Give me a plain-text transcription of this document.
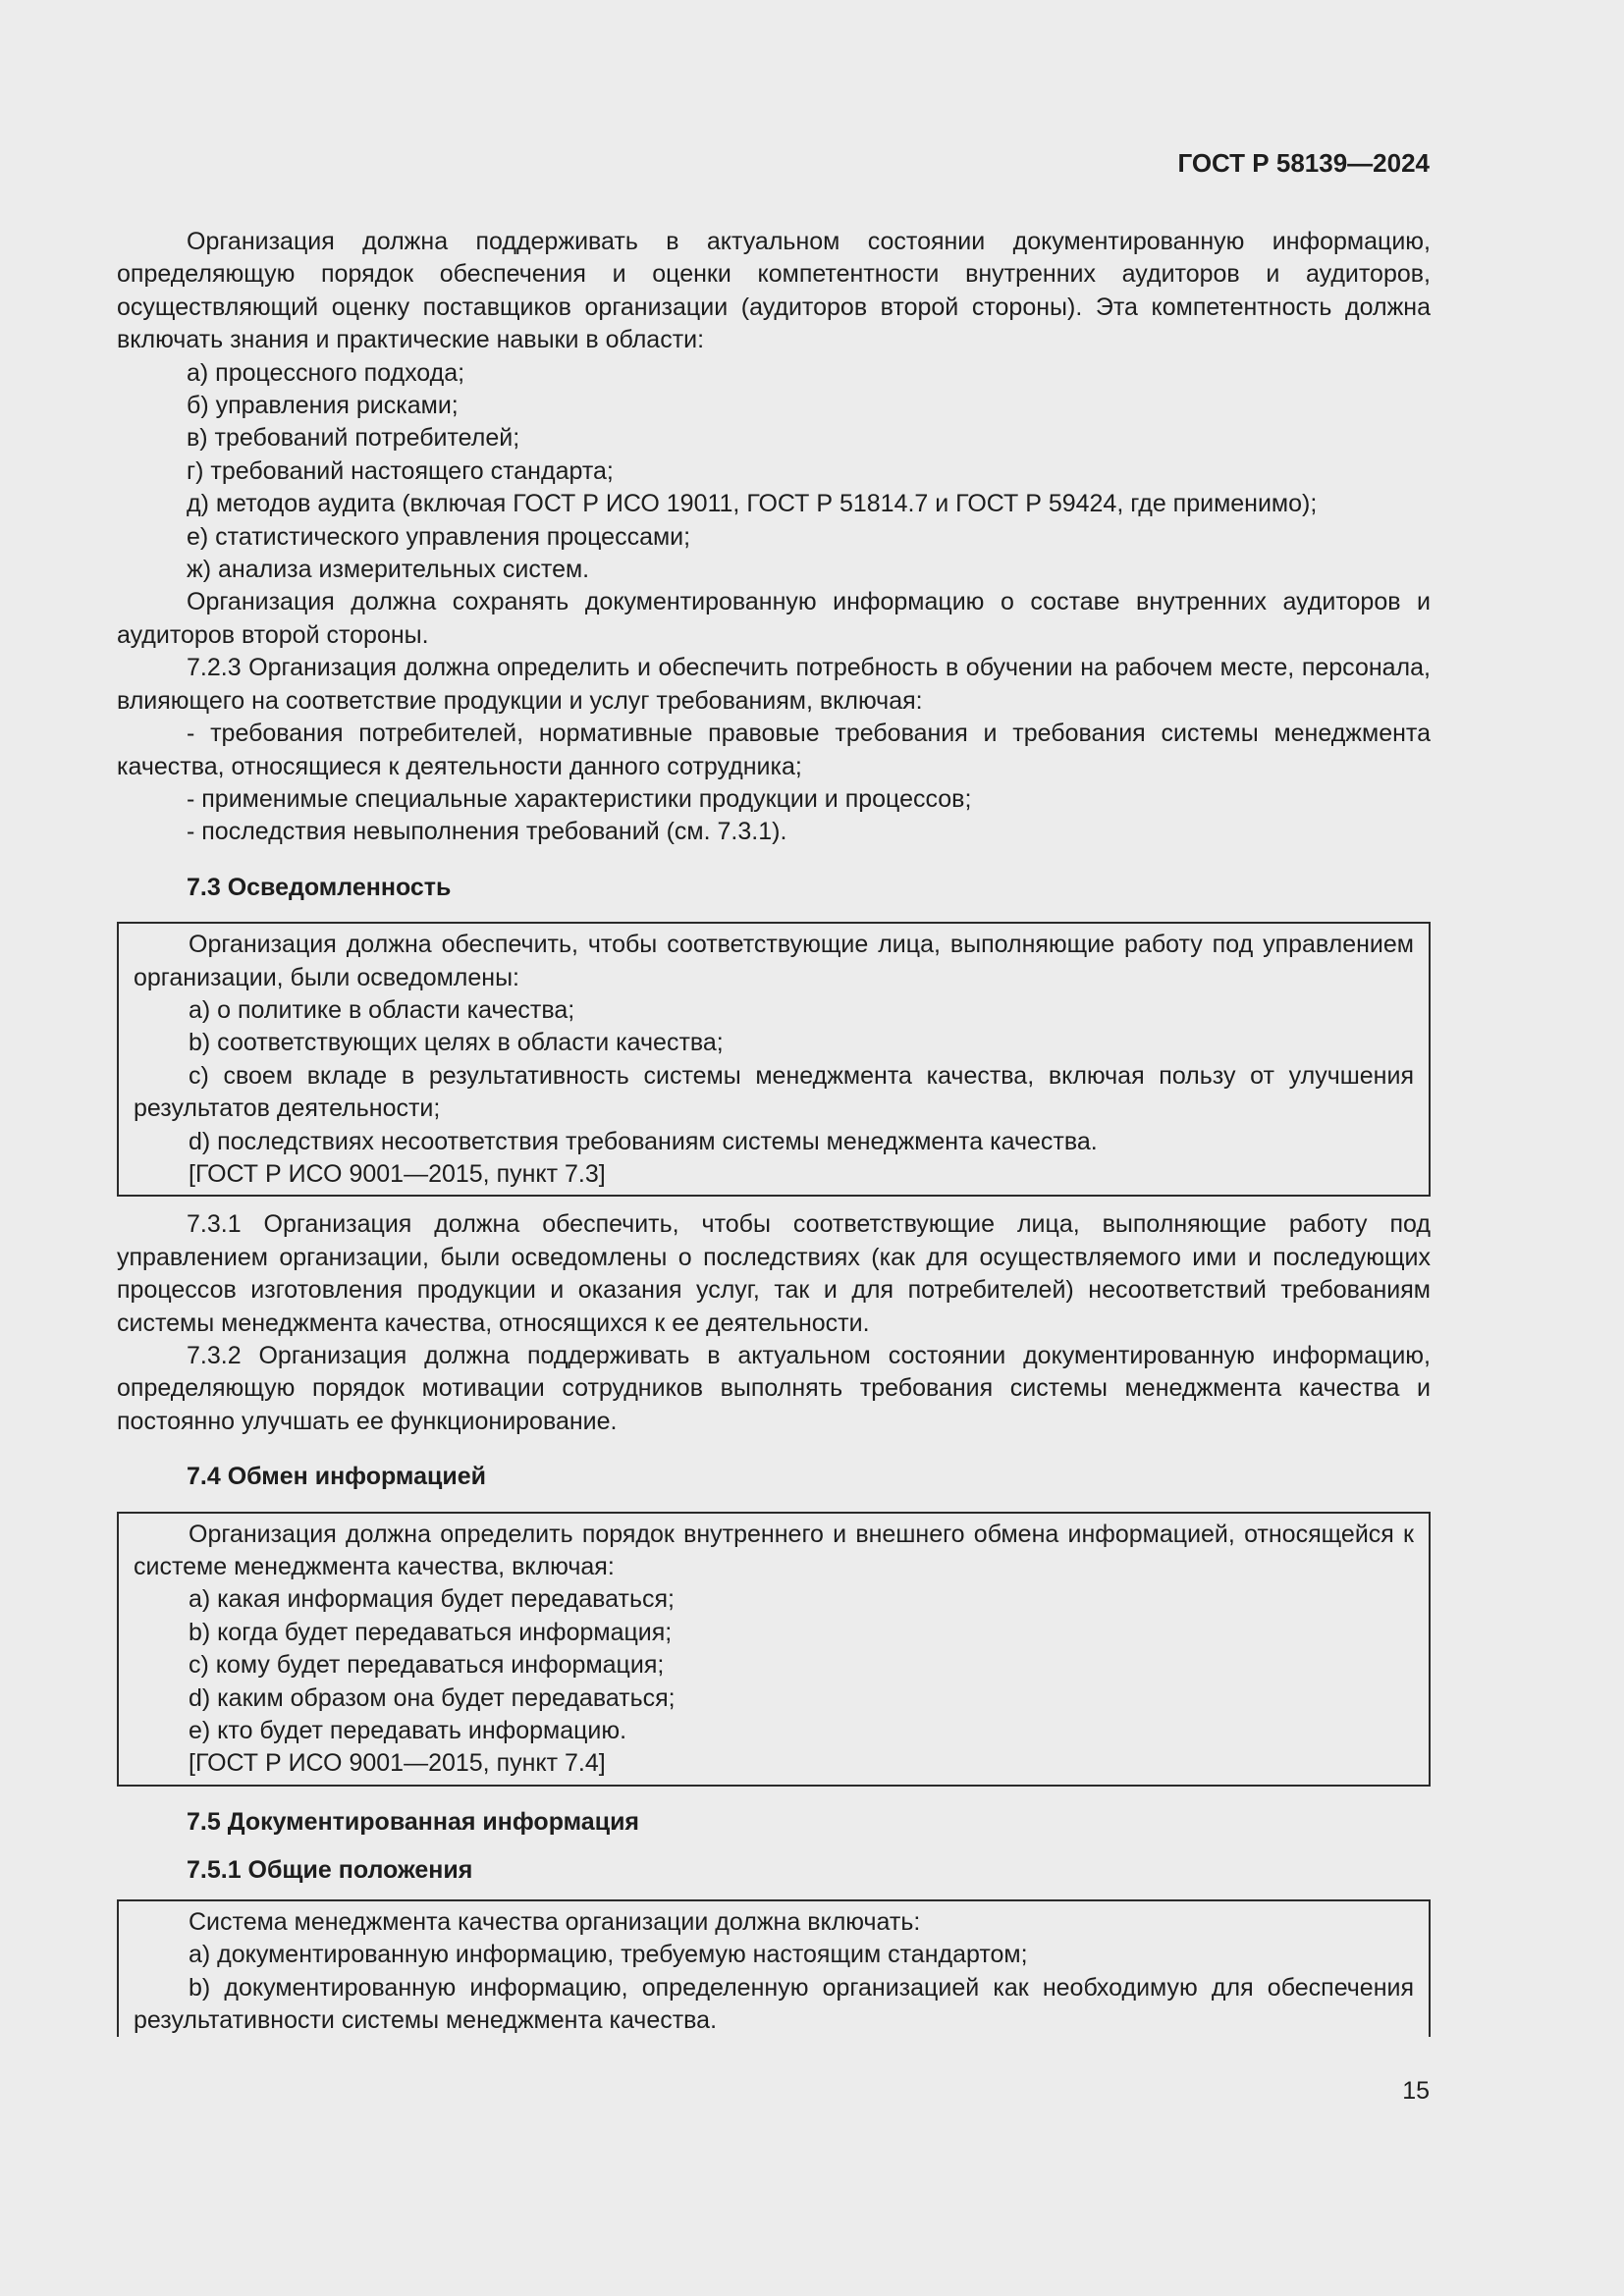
ГОСТ Р 58139—2024
Организация должна поддерживать в актуальном состоянии документированную информацию, определяющую порядок обеспечения и оценки компетентности внутренних аудиторов и аудиторов, осуществляющий оценку поставщиков организации (аудиторов второй стороны). Эта компетентность должна включать знания и практические навыки в области:
а) процессного подхода;
б) управления рисками;
в) требований потребителей;
г) требований настоящего стандарта;
д) методов аудита (включая ГОСТ Р ИСО 19011, ГОСТ Р 51814.7 и ГОСТ Р 59424, где применимо);
е) статистического управления процессами;
ж) анализа измерительных систем.
Организация должна сохранять документированную информацию о составе внутренних аудиторов и аудиторов второй стороны.
7.2.3 Организация должна определить и обеспечить потребность в обучении на рабочем месте, персонала, влияющего на соответствие продукции и услуг требованиям, включая:
- требования потребителей, нормативные правовые требования и требования системы менеджмента качества, относящиеся к деятельности данного сотрудника;
- применимые специальные характеристики продукции и процессов;
- последствия невыполнения требований (см. 7.3.1).
7.3 Осведомленность
Организация должна обеспечить, чтобы соответствующие лица, выполняющие работу под управлением организации, были осведомлены:
a) о политике в области качества;
b) соответствующих целях в области качества;
c) своем вкладе в результативность системы менеджмента качества, включая пользу от улучшения результатов деятельности;
d) последствиях несоответствия требованиям системы менеджмента качества.
[ГОСТ Р ИСО 9001—2015, пункт 7.3]
7.3.1 Организация должна обеспечить, чтобы соответствующие лица, выполняющие работу под управлением организации, были осведомлены о последствиях (как для осуществляемого ими и последующих процессов изготовления продукции и оказания услуг, так и для потребителей) несоответствий требованиям системы менеджмента качества, относящихся к ее деятельности.
7.3.2 Организация должна поддерживать в актуальном состоянии документированную информацию, определяющую порядок мотивации сотрудников выполнять требования системы менеджмента качества и постоянно улучшать ее функционирование.
7.4 Обмен информацией
Организация должна определить порядок внутреннего и внешнего обмена информацией, относящейся к системе менеджмента качества, включая:
a) какая информация будет передаваться;
b) когда будет передаваться информация;
c) кому будет передаваться информация;
d) каким образом она будет передаваться;
e) кто будет передавать информацию.
[ГОСТ Р ИСО 9001—2015, пункт 7.4]
7.5 Документированная информация
7.5.1 Общие положения
Система менеджмента качества организации должна включать:
a) документированную информацию, требуемую настоящим стандартом;
b) документированную информацию, определенную организацией как необходимую для обеспечения результативности системы менеджмента качества.
15
